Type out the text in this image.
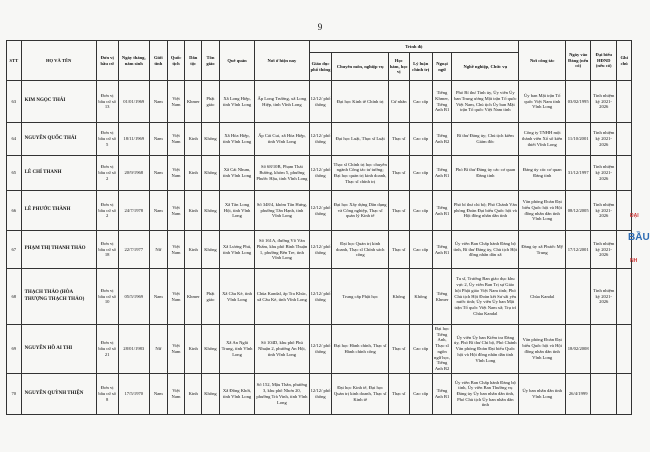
9
STT	HỌ VÀ TÊN	Đơn vị bầu cử	Ngày tháng, năm sinh	Giới tính	Quốc tịch	Dân tộc	Tôn giáo	Quê quán	Nơi ở hiện nay	Trình độ						Nơi công tác	Ngày vào Đảng (nếu có)	Đại biểu HĐND (nếu có)	Ghi chú
										Giáo dục phổ thông	Chuyên môn, nghiệp vụ	Học hàm, học vị	Lý luận chính trị	Ngoại ngữ	Nghề nghiệp, Chức vụ				
63	KIM NGỌC THÁI	Đơn vị bầu cử số 13	01/01/1969	Nam	Việt Nam	Khmer	Phật giáo	Xã Long Hiệp, tỉnh Vĩnh Long	Ấp Long Trường, xã Long Hiệp, tỉnh Vĩnh Long	12/12/ phổ thông	Đại học Kinh tế Chính trị	Cử nhân	Cao cấp	Tiếng Khmer, Tiếng Anh B1	Phó Bí thư Tỉnh ủy, Ủy viên Ủy ban Trung ương Mặt trận Tổ quốc Việt Nam, Chủ tịch Ủy ban Mặt trận Tổ quốc Việt Nam tỉnh	Ủy ban Mặt trận Tổ quốc Việt Nam tỉnh Vĩnh Long	03/02/1995	Tỉnh nhiệm kỳ 2021-2026	
64	NGUYỄN QUỐC THÁI	Đơn vị bầu cử số 5	18/11/1969	Nam	Việt Nam	Kinh	Không	Xã Hòa Hiệp, tỉnh Vĩnh Long	Ấp Cái Cui, xã Hòa Hiệp, tỉnh Vĩnh Long	12/12/ phổ thông	Đại học Luật, Thạc sĩ Luật	Thạc sĩ	Cao cấp	Tiếng Anh B2	Bí thư Đảng ủy; Chủ tịch kiêm Giám đốc	Công ty TNHH một thành viên Xổ số kiến thiết Vĩnh Long	11/10/2001	Tỉnh nhiệm kỳ 2021-2026	
65	LÊ CHÍ THANH	Đơn vị bầu cử số 2	20/9/1968	Nam	Việt Nam	Kinh	Không	Xã Cái Nhum, tỉnh Vĩnh Long	Số 68/10B, Phạm Thái Bường, khóm 5, phường Phước Hậu, tỉnh Vĩnh Long	12/12/ phổ thông	Thạc sĩ Chính trị học chuyên ngành Công tác tư tưởng; Đại học quản trị kinh doanh, Thạc sĩ chính trị	Thạc sĩ	Cao cấp	Tiếng Anh B1	Phó Bí thư Đảng ủy các cơ quan Đảng tỉnh	Đảng ủy các cơ quan Đảng tỉnh	31/12/1997	Tỉnh nhiệm kỳ 2021-2026	
66	LÊ PHƯỚC THÀNH	Đơn vị bầu cử số 2	24/7/1978	Nam	Việt Nam	Kinh	Không	Xã Tân Long Hội, tỉnh Vĩnh Long	Số 348/4, khóm Tân Hưng, phường Tân Hạnh, tỉnh Vĩnh Long	12/12/ phổ thông	Đại học Xây dựng Dân dụng và Công nghiệp, Thạc sĩ quản lý Kinh tế	Thạc sĩ	Cao cấp	Tiếng Anh B1	Phó bí thư chi bộ; Phó Chánh Văn phòng Đoàn Đại biểu Quốc hội và Hội đồng nhân dân tỉnh	Văn phòng Đoàn Đại biểu Quốc hội và Hội đồng nhân dân tỉnh Vĩnh Long	08/12/2005	Tỉnh nhiệm kỳ 2021-2026	
67	PHẠM THỊ THANH THẢO	Đơn vị bầu cử số 18	22/7/1977	Nữ	Việt Nam	Kinh	Không	Xã Lương Phú, tỉnh Vĩnh Long	Số 161A, đường Võ Văn Phẩm, khu phố Bình Thuận 1, phường Bến Tre, tỉnh Vĩnh Long	12/12/ phổ thông	Đại học Quản trị kinh doanh, Thạc sĩ Chính sách công	Thạc sĩ	Cao cấp	Tiếng Anh B1	Ủy viên Ban Chấp hành Đảng bộ tỉnh, Bí thư Đảng ủy, Chủ tịch Hội đồng nhân dân xã	Đảng ủy xã Phước Mỹ Trung	17/12/2001	Tỉnh nhiệm kỳ 2021-2026	
68	THẠCH THẢO (HÒA THƯỢNG THẠCH THẢO)	Đơn vị bầu cử số 10	05/5/1969	Nam	Việt Nam	Khmer	Phật giáo	Xã Cầu Kè, tỉnh Vĩnh Long	Chùa Kandal, ấp Tra Khúc, xã Cầu Kè, tỉnh Vĩnh Long	12/12/ phổ thông	Trung cấp Phật học	Không	Không	Tiếng Khmer	Tu sĩ, Trưởng Ban giáo dục khu vực 2, Ủy viên Ban Trị sự Giáo hội Phật giáo Việt Nam tỉnh; Phó Chủ tịch Hội Đoàn kết Sư sãi yêu nước tỉnh; Ủy viên Ủy ban Mặt trận Tổ quốc Việt Nam xã; Trụ trì Chùa Kandal	Chùa Kandal		Tỉnh nhiệm kỳ 2021-2026	
69	NGUYỄN HỒ AI THI	Đơn vị bầu cử số 21	28/01/1983	Nữ	Việt Nam	Kinh	Không	Xã An Ngãi Trung, tỉnh Vĩnh Long	Số 104D, khu phố Phú Nhuận 2, phường An Hội, tỉnh Vĩnh Long	12/12/ phổ thông	Đại học Hành chính, Thạc sĩ Hành chính công	Thạc sĩ	Cao cấp	Đại học Tiếng Anh, Thạc sĩ ngôn ngữ học, Tiếng Anh B2	Ủy viên Ủy ban Kiểm tra Đảng ủy, Phó Bí thư Chi bộ, Phó Chánh Văn phòng Đoàn Đại biểu Quốc hội và Hội đồng nhân dân tỉnh Vĩnh Long	Văn phòng Đoàn Đại biểu Quốc hội và Hội đồng nhân dân tỉnh Vĩnh Long	18/02/2008		
70	NGUYỄN QUỲNH THIỆN	Đơn vị bầu cử số 8	17/5/1970	Nam	Việt Nam	Kinh	Không	Xã Đồng Khởi, tỉnh Vĩnh Long	Số 152, Mậu Thân, phường 3, khu phố Nhơn 20, phường Trà Vinh, tỉnh Vĩnh Long	12/12/ phổ thông	Đại học Kinh tế, Đại học Quản trị kinh doanh, Thạc sĩ Kinh tế	Thạc sĩ	Cao cấp	Tiếng Anh B1	Ủy viên Ban Chấp hành Đảng bộ tỉnh, Ủy viên Ban Thường vụ Đảng ủy Ủy ban nhân dân tỉnh, Phó Chủ tịch Ủy ban nhân dân tỉnh	Ủy ban nhân dân tỉnh Vĩnh Long	26/4/1999		
ĐẠI
BẦU
NH
